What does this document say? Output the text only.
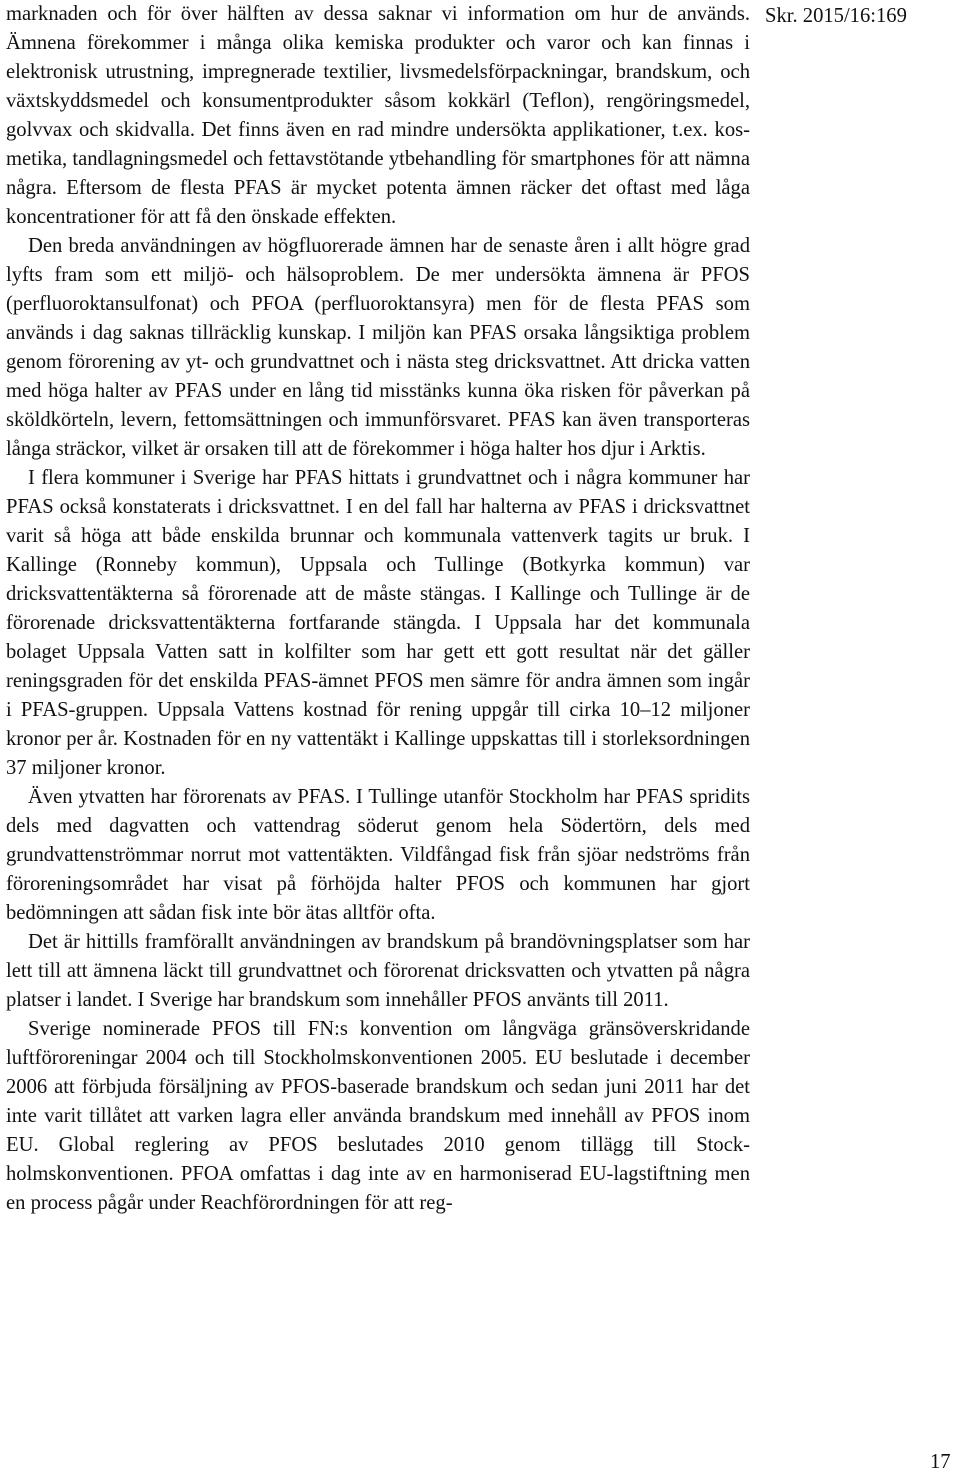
marknaden och för över hälften av dessa saknar vi information om hur de används. Ämnena förekommer i många olika kemiska produkter och varor och kan finnas i elektronisk utrustning, impregnerade textilier, livsmedelsförpackningar, brandskum, och växtskyddsmedel och konsumentprodukter såsom kokkärl (Teflon), rengöringsmedel, golvvax och skidvalla. Det finns även en rad mindre undersökta applikationer, t.ex. kosmetika, tandlagningsmedel och fettavstötande ytbehandling för smartphones för att nämna några. Eftersom de flesta PFAS är mycket potenta ämnen räcker det oftast med låga koncentrationer för att få den önskade effekten.

Den breda användningen av högfluorerade ämnen har de senaste åren i allt högre grad lyfts fram som ett miljö- och hälsoproblem. De mer undersökta ämnena är PFOS (perfluoroktansulfonat) och PFOA (perfluoroktansyra) men för de flesta PFAS som används i dag saknas tillräcklig kunskap. I miljön kan PFAS orsaka långsiktiga problem genom förorening av yt- och grundvattnet och i nästa steg dricksvattnet. Att dricka vatten med höga halter av PFAS under en lång tid misstänks kunna öka risken för påverkan på sköldkörteln, levern, fettomsättningen och immunförsvaret. PFAS kan även transporteras långa sträckor, vilket är orsaken till att de förekommer i höga halter hos djur i Arktis.

I flera kommuner i Sverige har PFAS hittats i grundvattnet och i några kommuner har PFAS också konstaterats i dricksvattnet. I en del fall har halterna av PFAS i dricksvattnet varit så höga att både enskilda brunnar och kommunala vattenverk tagits ur bruk. I Kallinge (Ronneby kommun), Uppsala och Tullinge (Botkyrka kommun) var dricksvattentäkterna så förorenade att de måste stängas. I Kallinge och Tullinge är de förorenade dricksvattentäkterna fortfarande stängda. I Uppsala har det kommunala bolaget Uppsala Vatten satt in kolfilter som har gett ett gott resultat när det gäller reningsgraden för det enskilda PFAS-ämnet PFOS men sämre för andra ämnen som ingår i PFAS-gruppen. Uppsala Vattens kostnad för rening uppgår till cirka 10–12 miljoner kronor per år. Kostnaden för en ny vattentäkt i Kallinge uppskattas till i storleksordningen 37 miljoner kronor.

Även ytvatten har förorenats av PFAS. I Tullinge utanför Stockholm har PFAS spridits dels med dagvatten och vattendrag söderut genom hela Södertörn, dels med grundvattenströmmar norrut mot vattentäkten. Vildfångad fisk från sjöar nedströms från föroreningsområdet har visat på förhöjda halter PFOS och kommunen har gjort bedömningen att sådan fisk inte bör ätas alltför ofta.

Det är hittills framförallt användningen av brandskum på brandövningsplatser som har lett till att ämnena läckt till grundvattnet och förorenat dricksvatten och ytvatten på några platser i landet. I Sverige har brandskum som innehåller PFOS använts till 2011.

Sverige nominerade PFOS till FN:s konvention om långväga gränsöverskridande luftföroreningar 2004 och till Stockholmskonventionen 2005. EU beslutade i december 2006 att förbjuda försäljning av PFOS-baserade brandskum och sedan juni 2011 har det inte varit tillåtet att varken lagra eller använda brandskum med innehåll av PFOS inom EU. Global reglering av PFOS beslutades 2010 genom tillägg till Stockholmskonventionen. PFOA omfattas i dag inte av en harmoniserad EU-lagstiftning men en process pågår under Reachförordningen för att reg-

Skr. 2015/16:169
17
